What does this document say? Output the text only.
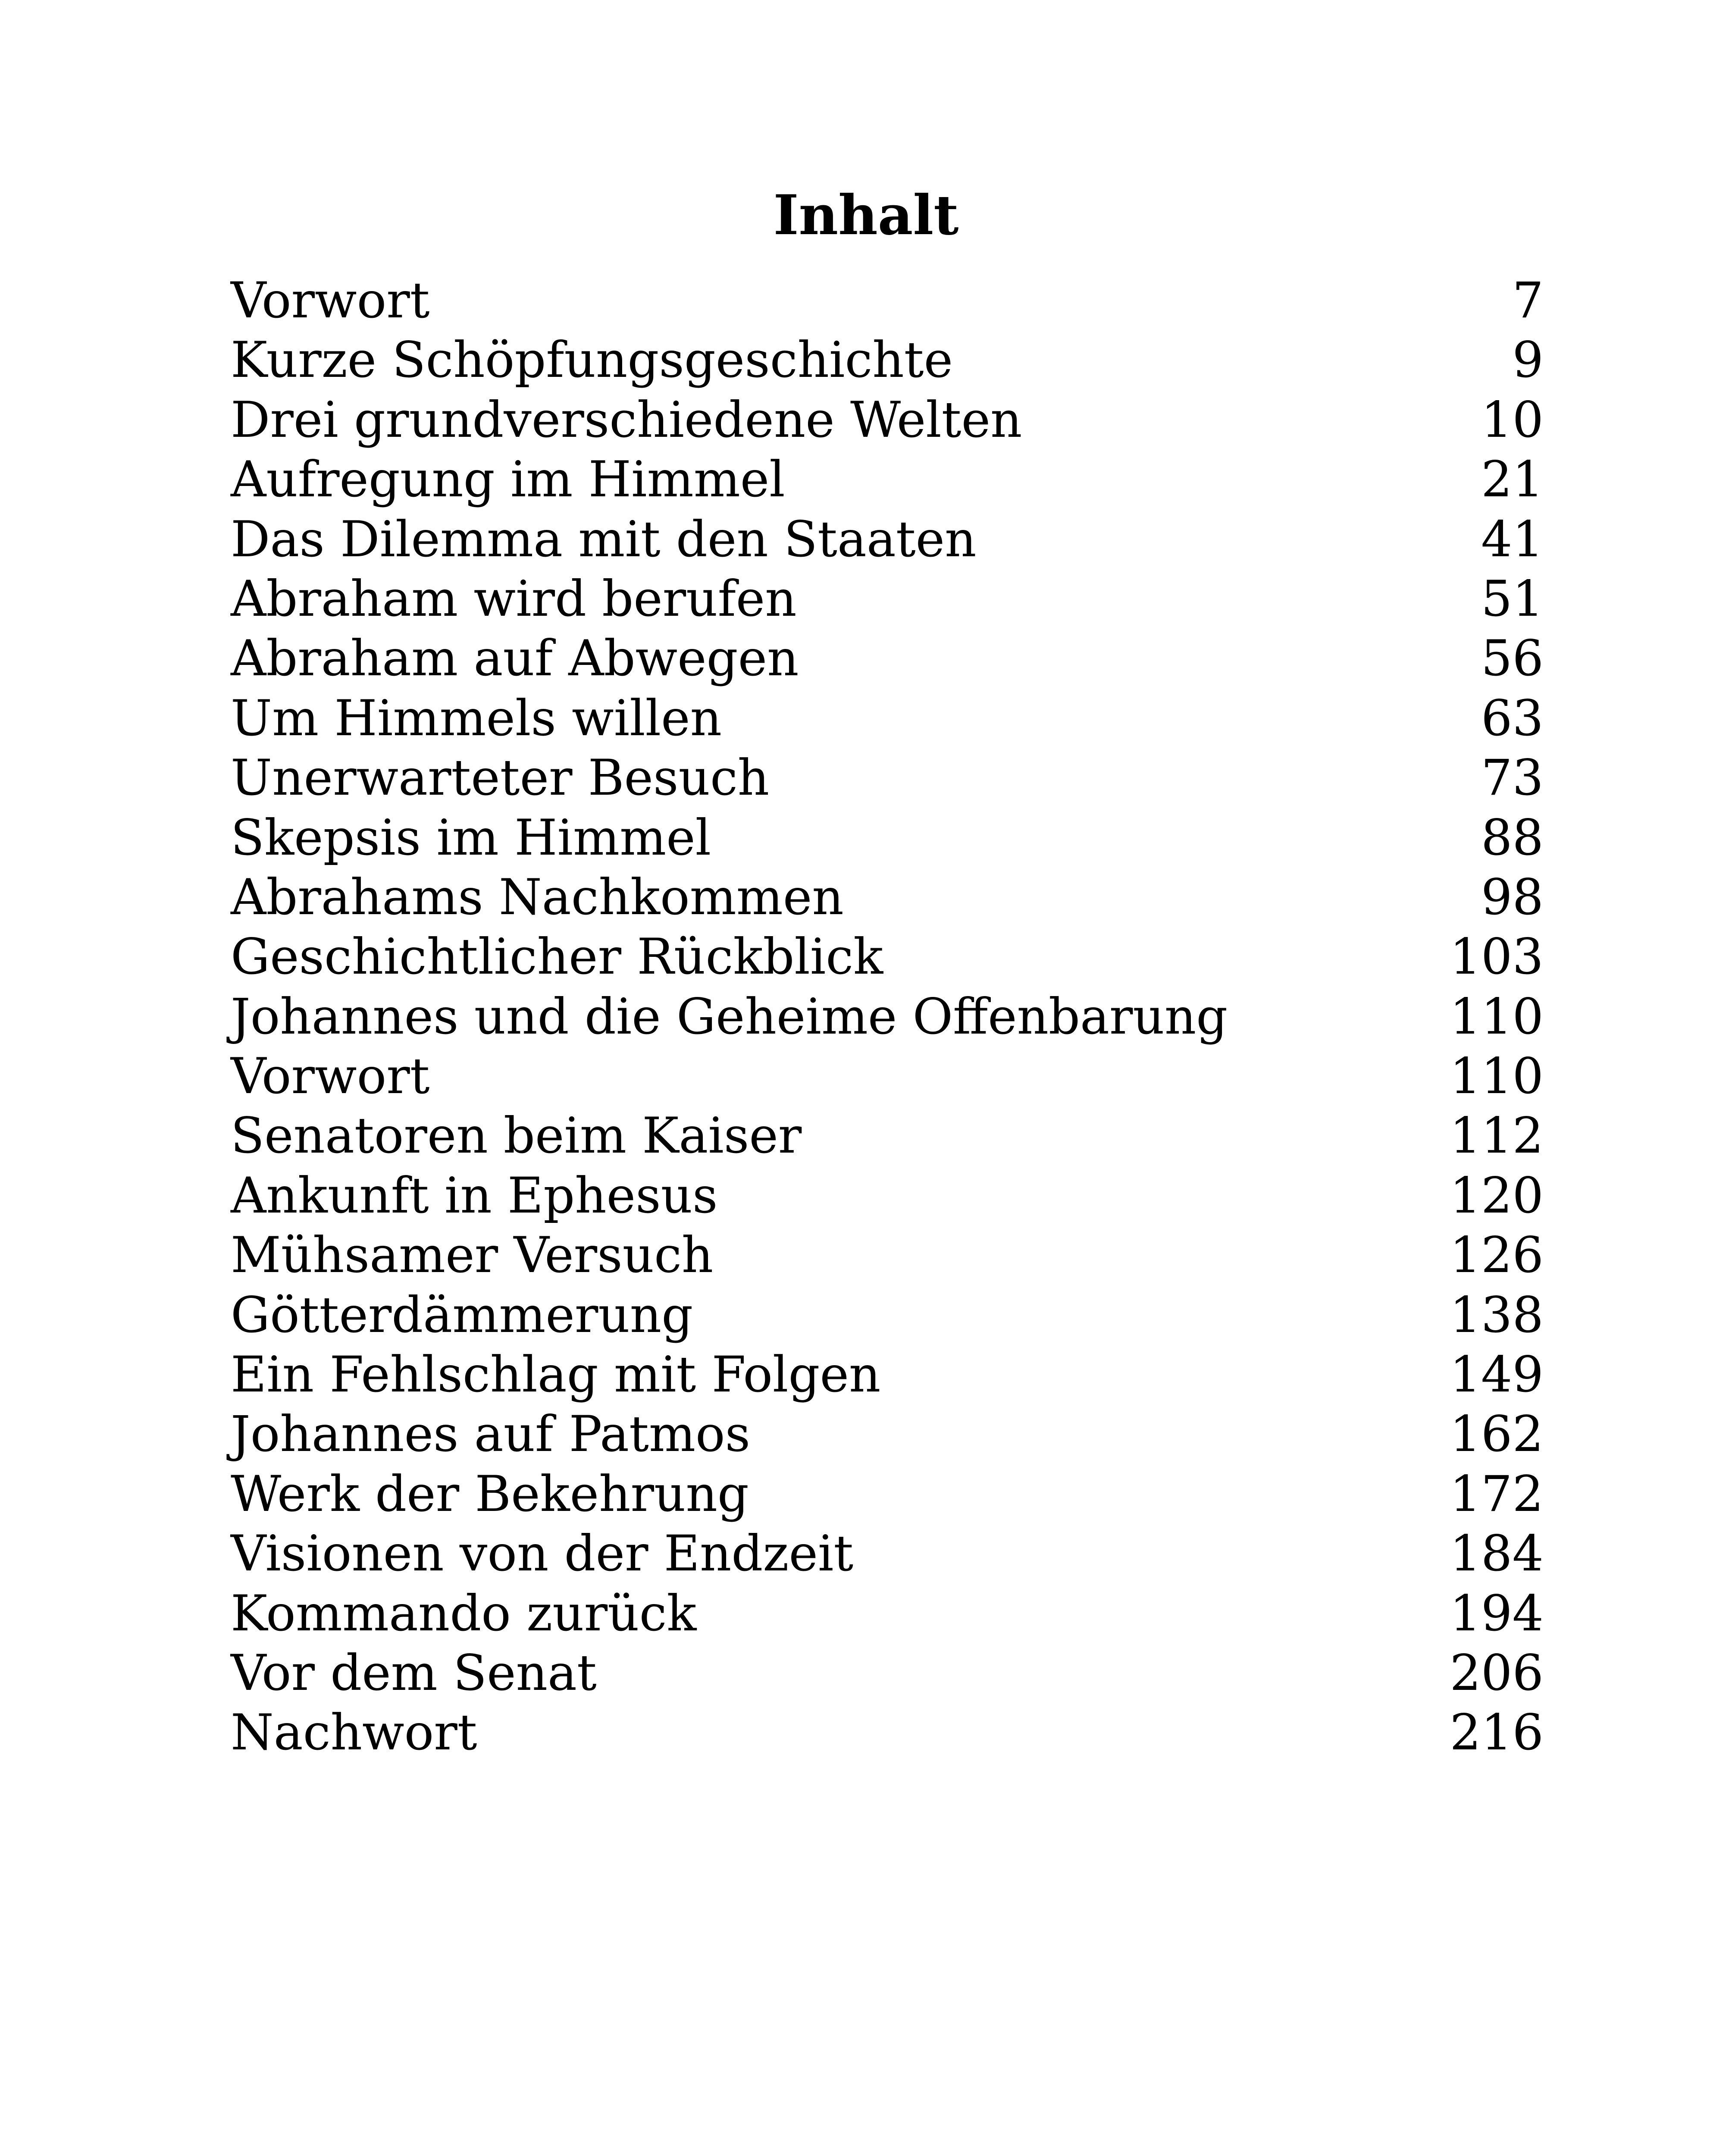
Inhalt
Vorwort	7
Kurze Schöpfungsgeschichte	9
Drei grundverschiedene Welten	10
Aufregung im Himmel	21
Das Dilemma mit den Staaten	41
Abraham wird berufen	51
Abraham auf Abwegen	56
Um Himmels willen	63
Unerwarteter Besuch	73
Skepsis im Himmel	88
Abrahams Nachkommen	98
Geschichtlicher Rückblick	103
Johannes und die Geheime Offenbarung	110
Vorwort	110
Senatoren beim Kaiser	112
Ankunft in Ephesus	120
Mühsamer Versuch	126
Götterdämmerung	138
Ein Fehlschlag mit Folgen	149
Johannes auf Patmos	162
Werk der Bekehrung	172
Visionen von der Endzeit	184
Kommando zurück	194
Vor dem Senat	206
Nachwort	216
